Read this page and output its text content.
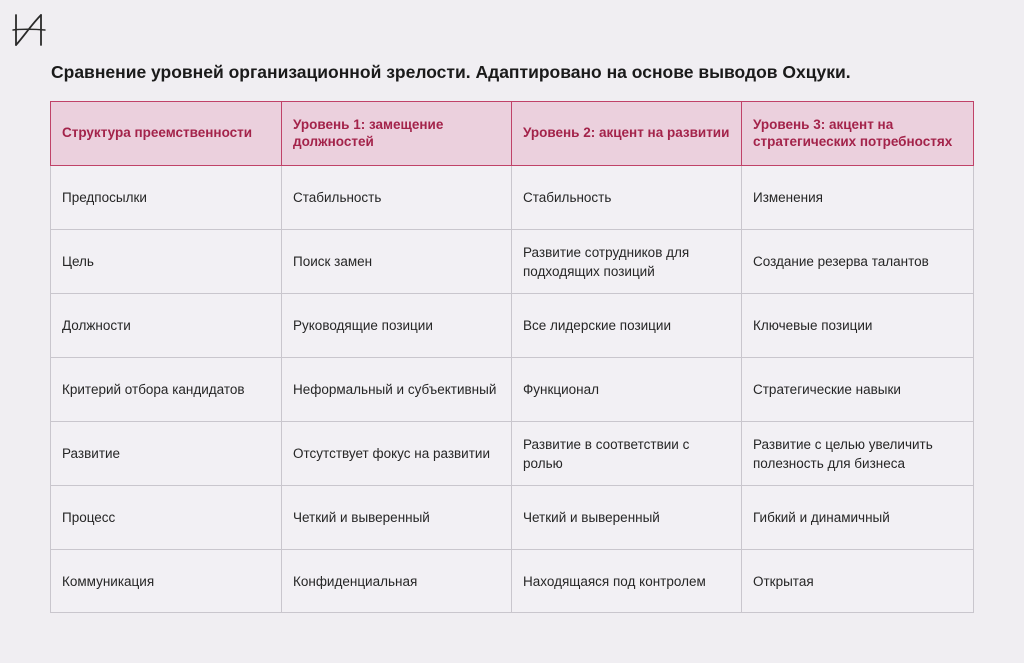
Сравнение уровней организационной зрелости. Адаптировано на основе выводов Охцуки.
Структура преемственности	Уровень 1: замещение должностей	Уровень 2: акцент на развитии	Уровень 3: акцент на стратегических потребностях
Предпосылки	Стабильность	Стабильность	Изменения
Цель	Поиск замен	Развитие сотрудников для подходящих позиций	Создание резерва талантов
Должности	Руководящие позиции	Все лидерские позиции	Ключевые позиции
Критерий отбора кандидатов	Неформальный и субъективный	Функционал	Стратегические навыки
Развитие	Отсутствует фокус на развитии	Развитие в соответствии с ролью	Развитие с целью увеличить полезность для бизнеса
Процесс	Четкий и выверенный	Четкий и выверенный	Гибкий и динамичный
Коммуникация	Конфиденциальная	Находящаяся под контролем	Открытая
